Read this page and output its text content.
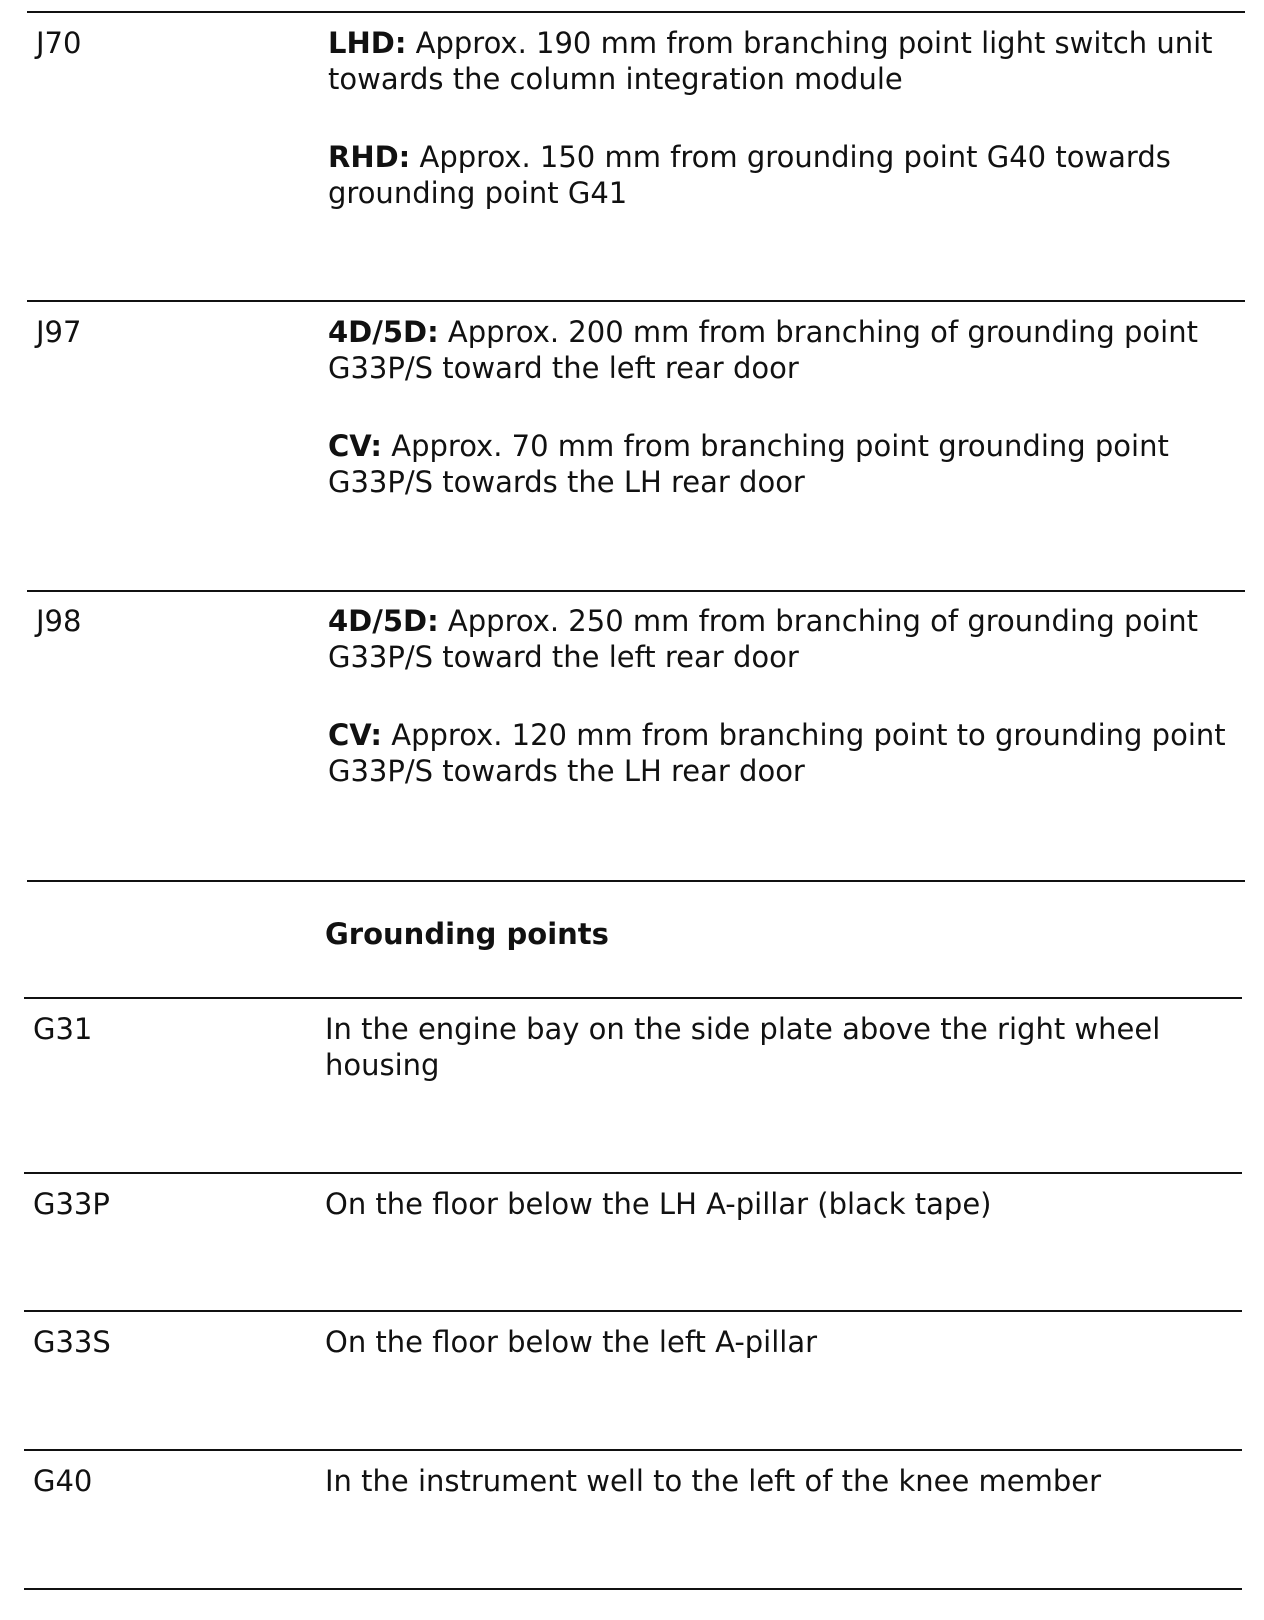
J70	LHD: Approx. 190 mm from branching point light switch unit towards the column integration module

RHD: Approx. 150 mm from grounding point G40 towards grounding point G41

J97	4D/5D: Approx. 200 mm from branching of grounding point G33P/S toward the left rear door

CV: Approx. 70 mm from branching point grounding point G33P/S towards the LH rear door

J98	4D/5D: Approx. 250 mm from branching of grounding point G33P/S toward the left rear door

CV: Approx. 120 mm from branching point to grounding point G33P/S towards the LH rear door

Grounding points

G31	In the engine bay on the side plate above the right wheel housing

G33P	On the floor below the LH A-pillar (black tape)

G33S	On the floor below the left A-pillar

G40	In the instrument well to the left of the knee member
